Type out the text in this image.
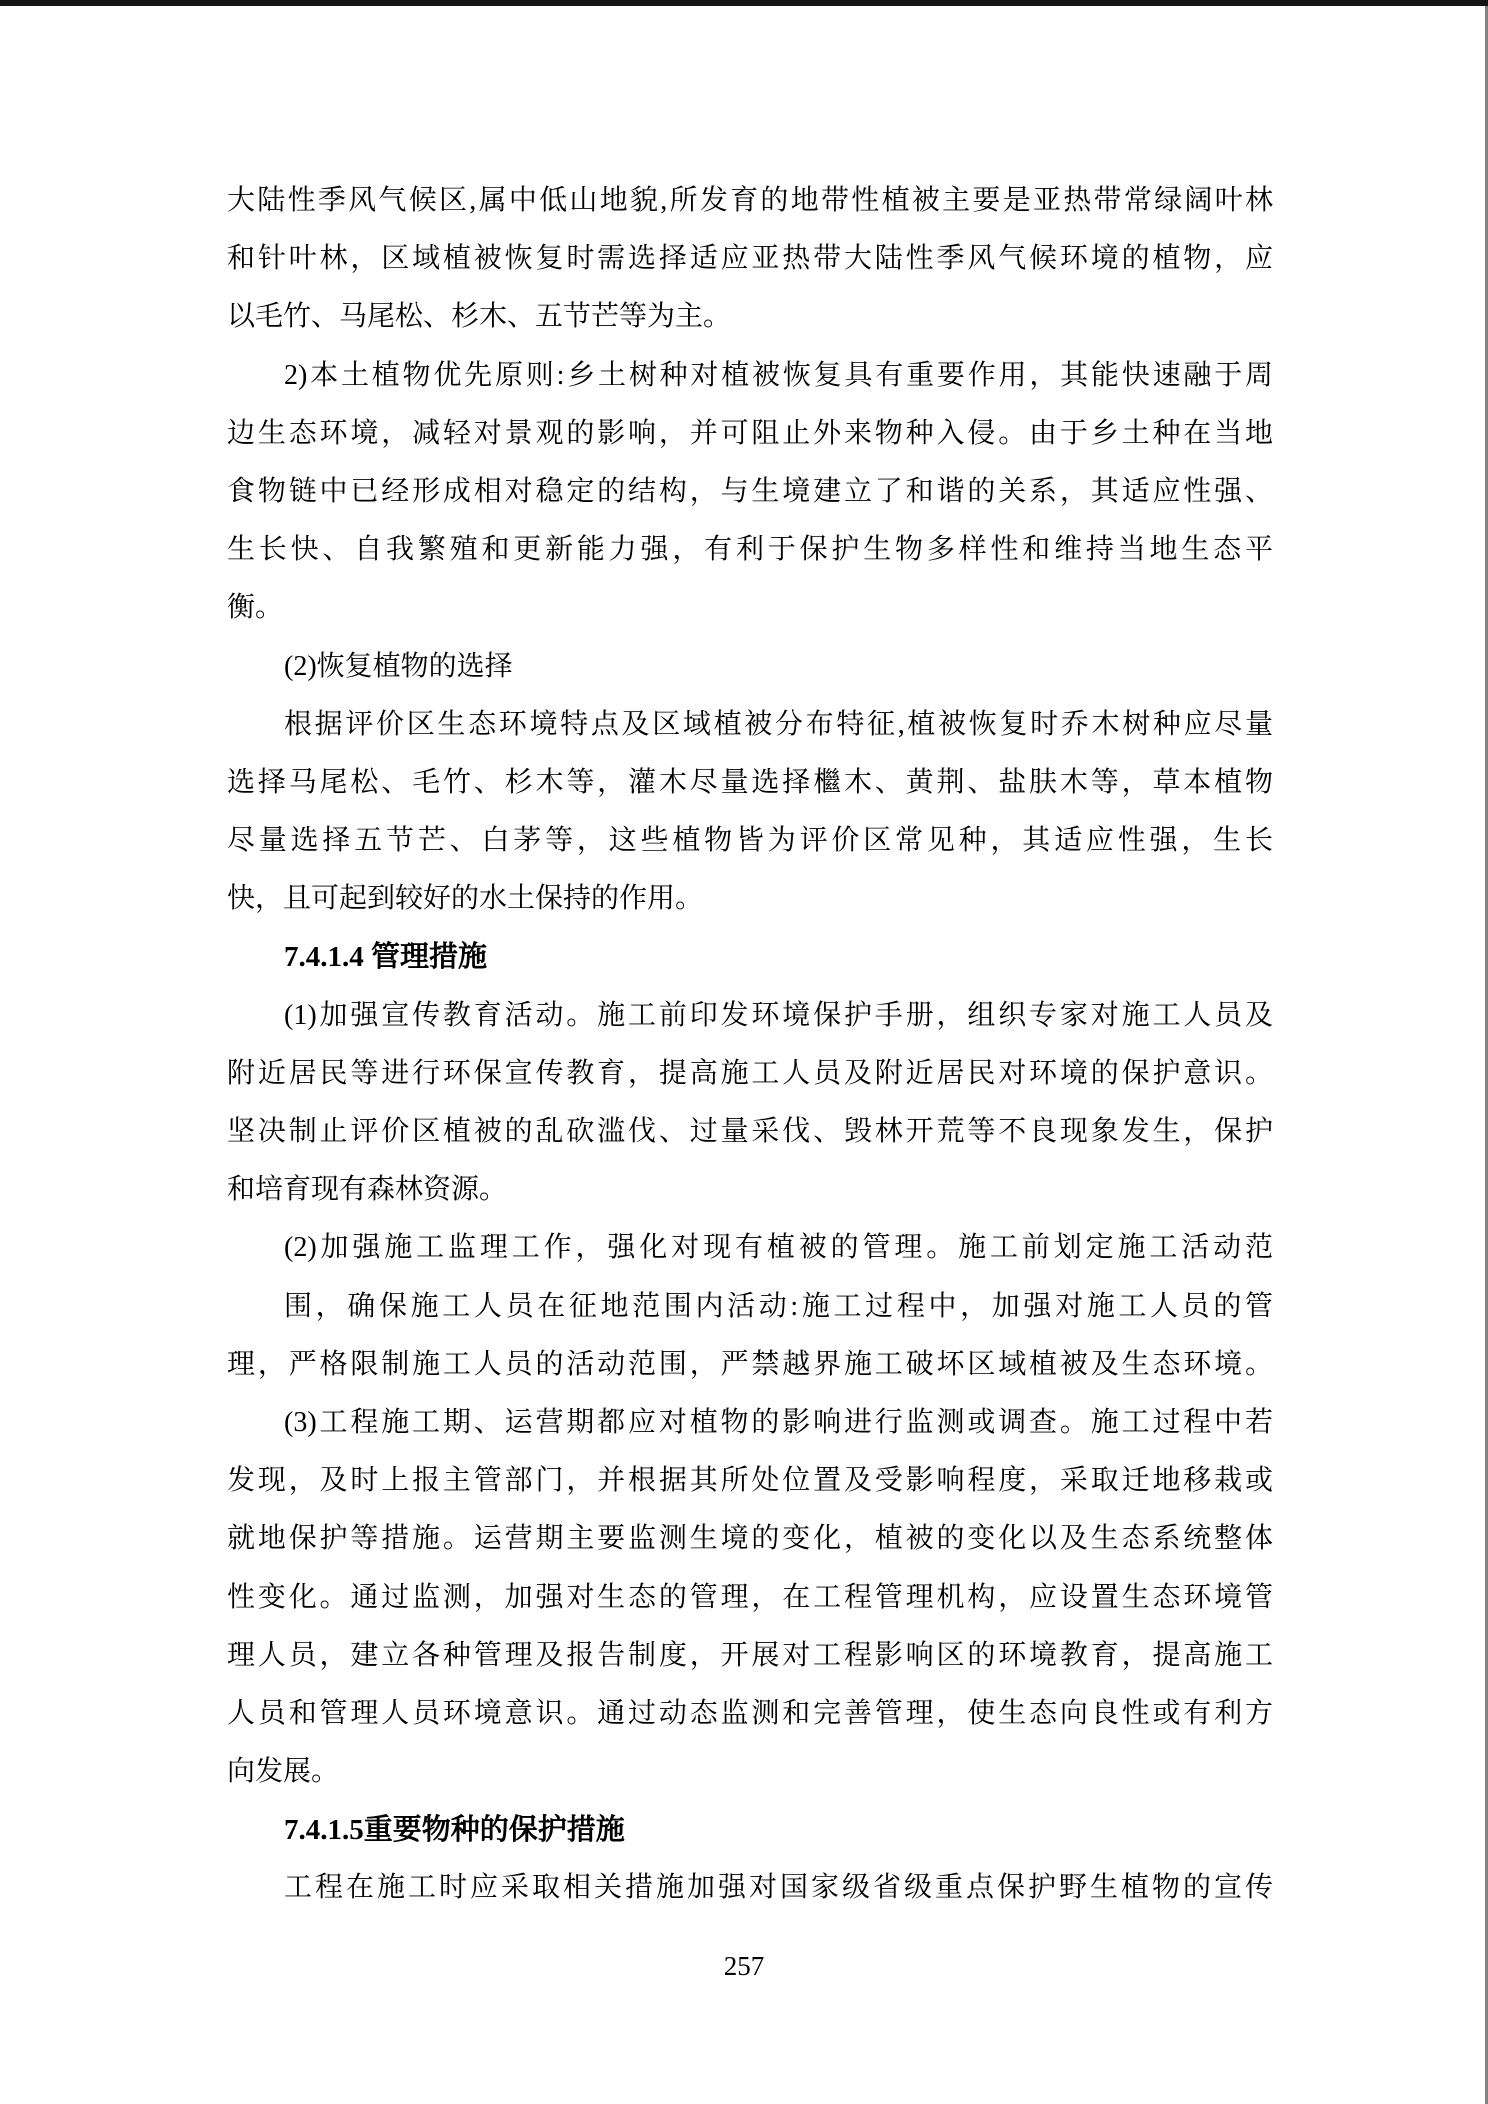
大陆性季风气候区,属中低山地貌,所发育的地带性植被主要是亚热带常绿阔叶林
和针叶林，区域植被恢复时需选择适应亚热带大陆性季风气候环境的植物，应
以毛竹、马尾松、杉木、五节芒等为主。
2)本土植物优先原则:乡土树种对植被恢复具有重要作用，其能快速融于周
边生态环境，减轻对景观的影响，并可阻止外来物种入侵。由于乡土种在当地
食物链中已经形成相对稳定的结构，与生境建立了和谐的关系，其适应性强、
生长快、自我繁殖和更新能力强，有利于保护生物多样性和维持当地生态平
衡。
(2)恢复植物的选择
根据评价区生态环境特点及区域植被分布特征,植被恢复时乔木树种应尽量
选择马尾松、毛竹、杉木等，灌木尽量选择檵木、黄荆、盐肤木等，草本植物
尽量选择五节芒、白茅等，这些植物皆为评价区常见种，其适应性强，生长
快，且可起到较好的水土保持的作用。
7.4.1.4 管理措施
(1)加强宣传教育活动。施工前印发环境保护手册，组织专家对施工人员及
附近居民等进行环保宣传教育，提高施工人员及附近居民对环境的保护意识。
坚决制止评价区植被的乱砍滥伐、过量采伐、毁林开荒等不良现象发生，保护
和培育现有森林资源。
(2)加强施工监理工作，强化对现有植被的管理。施工前划定施工活动范
围，确保施工人员在征地范围内活动:施工过程中，加强对施工人员的管
理，严格限制施工人员的活动范围，严禁越界施工破坏区域植被及生态环境。
(3)工程施工期、运营期都应对植物的影响进行监测或调查。施工过程中若
发现，及时上报主管部门，并根据其所处位置及受影响程度，采取迁地移栽或
就地保护等措施。运营期主要监测生境的变化，植被的变化以及生态系统整体
性变化。通过监测，加强对生态的管理，在工程管理机构，应设置生态环境管
理人员，建立各种管理及报告制度，开展对工程影响区的环境教育，提高施工
人员和管理人员环境意识。通过动态监测和完善管理，使生态向良性或有利方
向发展。
7.4.1.5重要物种的保护措施
工程在施工时应采取相关措施加强对国家级省级重点保护野生植物的宣传
257
